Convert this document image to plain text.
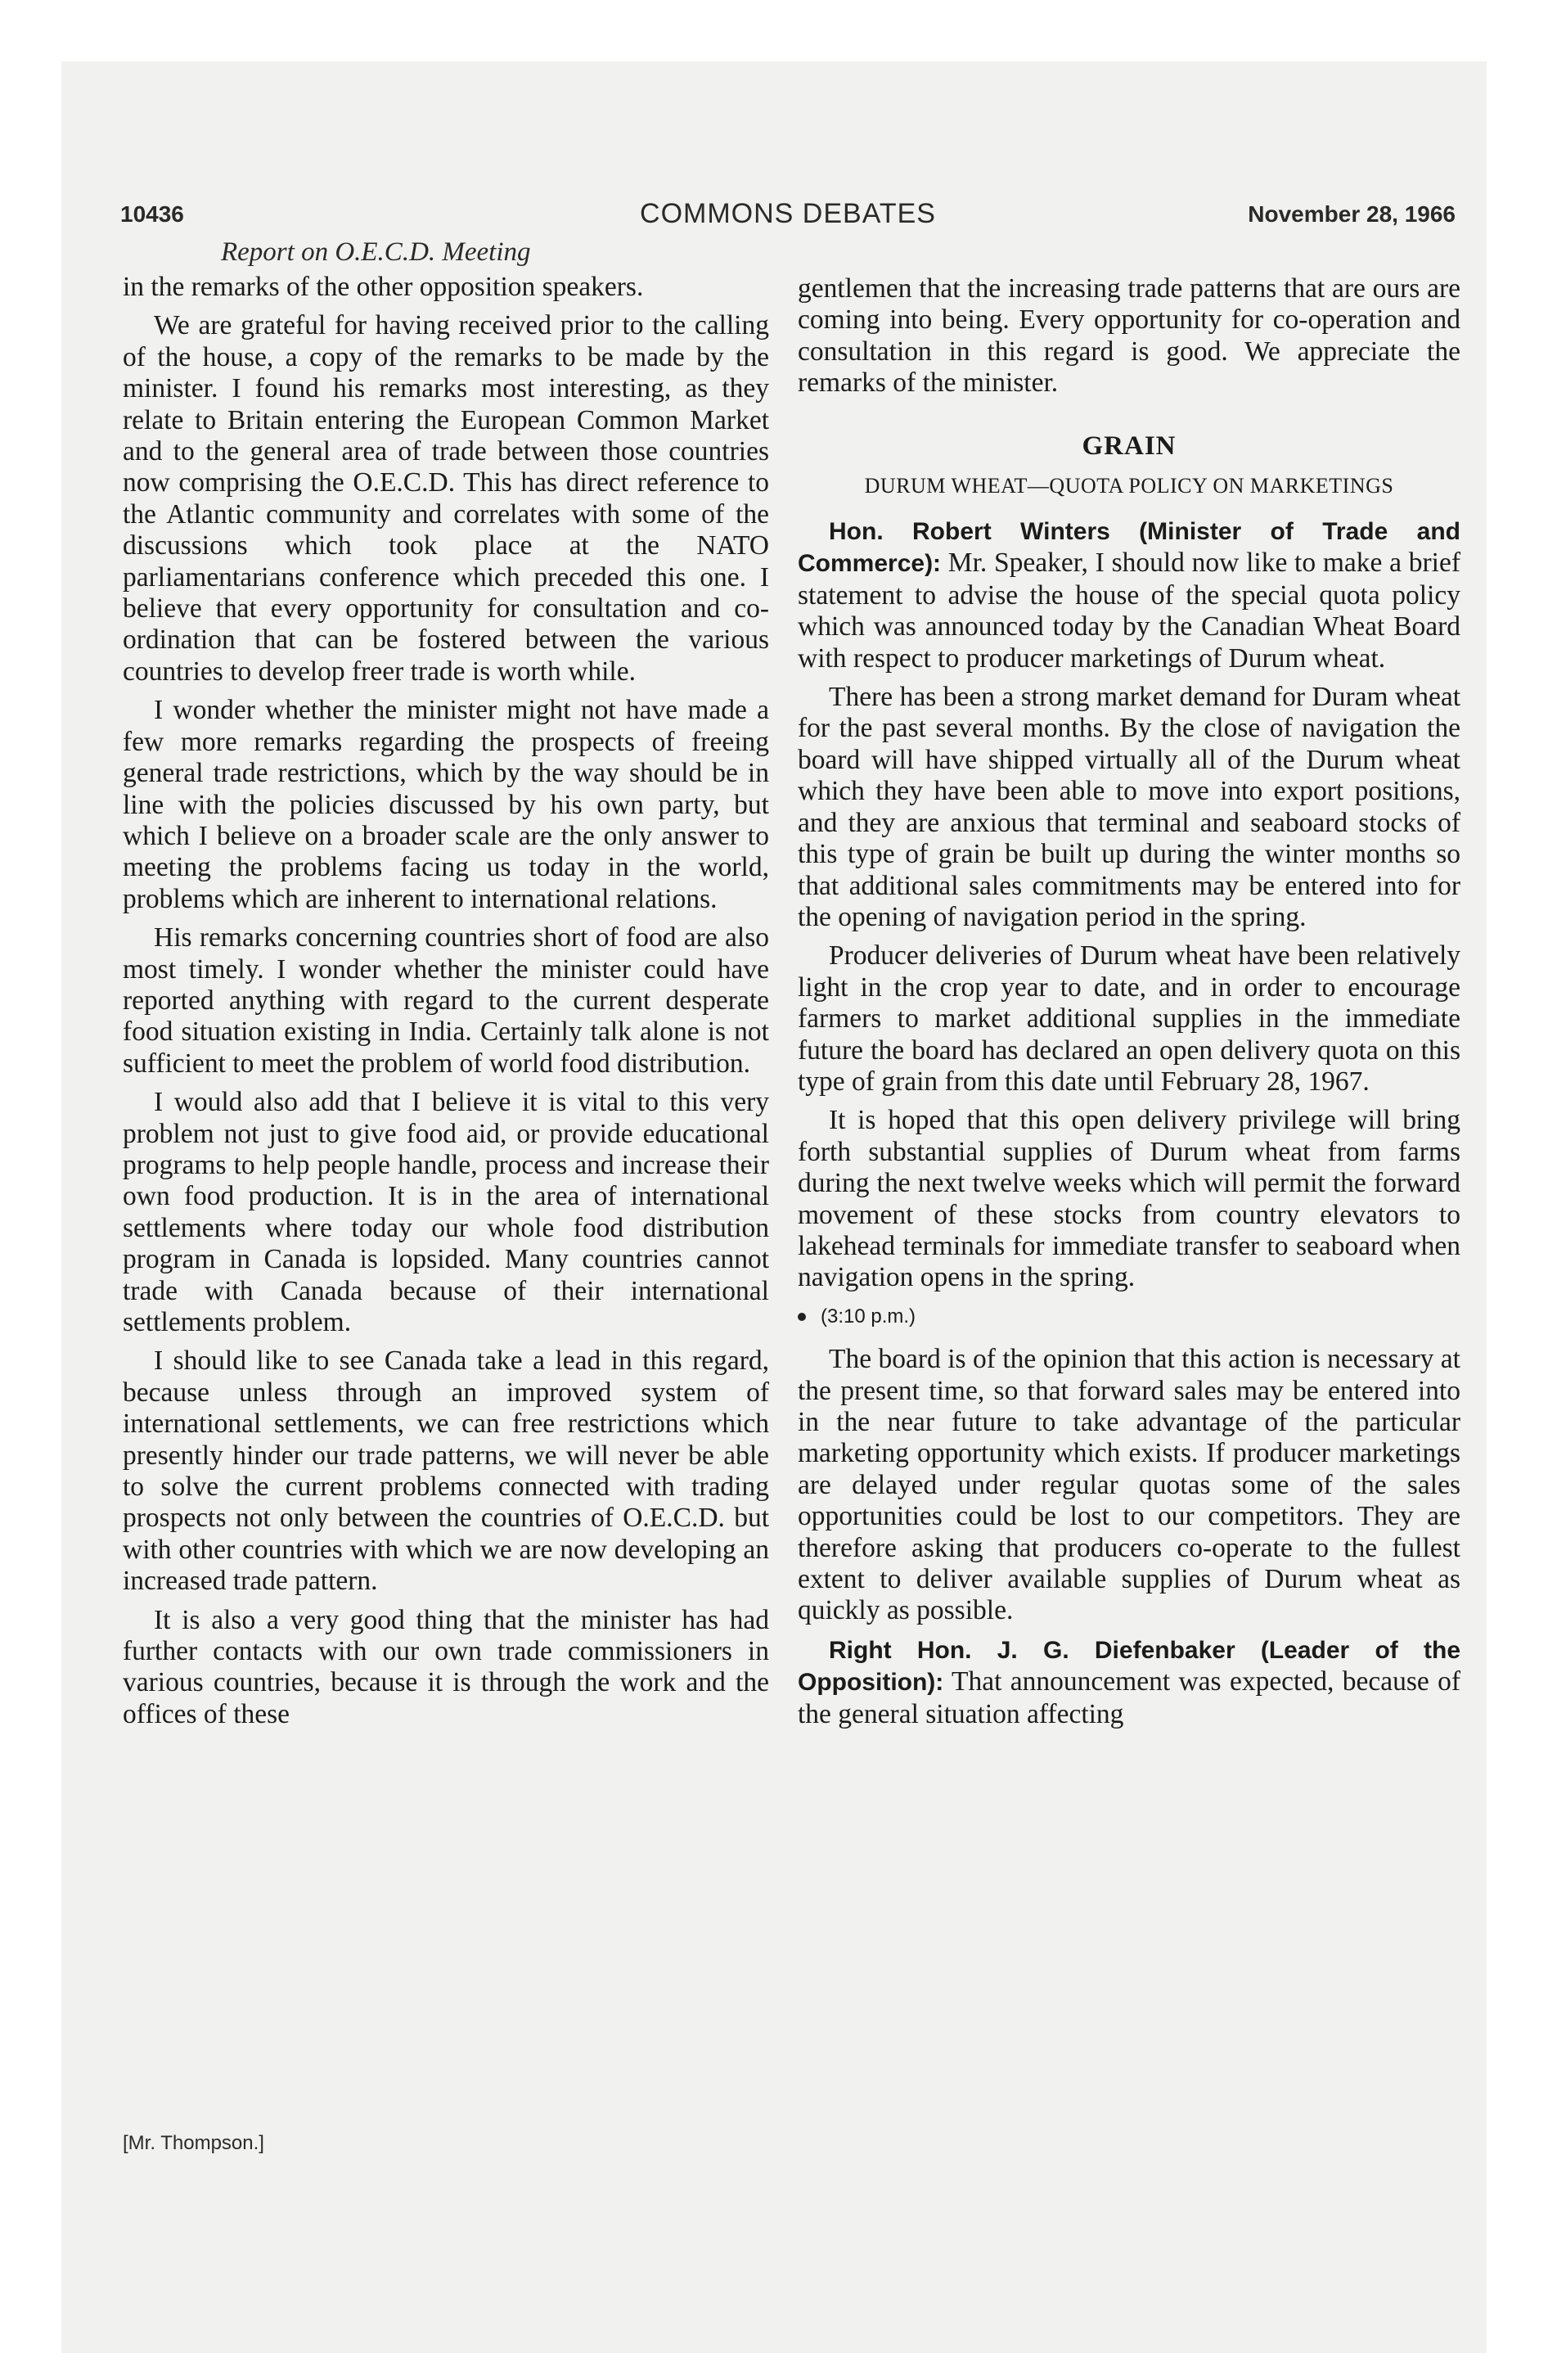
10436	COMMONS DEBATES	November 28, 1966
Report on O.E.C.D. Meeting

in the remarks of the other opposition speakers.

We are grateful for having received prior to the calling of the house, a copy of the remarks to be made by the minister. I found his remarks most interesting, as they relate to Britain entering the European Common Market and to the general area of trade between those countries now comprising the O.E.C.D. This has direct reference to the Atlantic community and correlates with some of the discussions which took place at the NATO parliamentarians conference which preceded this one. I believe that every opportunity for consultation and co-ordination that can be fostered between the various countries to develop freer trade is worth while.

I wonder whether the minister might not have made a few more remarks regarding the prospects of freeing general trade restrictions, which by the way should be in line with the policies discussed by his own party, but which I believe on a broader scale are the only answer to meeting the problems facing us today in the world, problems which are inherent to international relations.

His remarks concerning countries short of food are also most timely. I wonder whether the minister could have reported anything with regard to the current desperate food situation existing in India. Certainly talk alone is not sufficient to meet the problem of world food distribution.

I would also add that I believe it is vital to this very problem not just to give food aid, or provide educational programs to help people handle, process and increase their own food production. It is in the area of international settlements where today our whole food distribution program in Canada is lopsided. Many countries cannot trade with Canada because of their international settlements problem.

I should like to see Canada take a lead in this regard, because unless through an improved system of international settlements, we can free restrictions which presently hinder our trade patterns, we will never be able to solve the current problems connected with trading prospects not only between the countries of O.E.C.D. but with other countries with which we are now developing an increased trade pattern.

It is also a very good thing that the minister has had further contacts with our own trade commissioners in various countries, because it is through the work and the offices of these

gentlemen that the increasing trade patterns that are ours are coming into being. Every opportunity for co-operation and consultation in this regard is good. We appreciate the remarks of the minister.

GRAIN
DURUM WHEAT—QUOTA POLICY ON MARKETINGS

Hon. Robert Winters (Minister of Trade and Commerce): Mr. Speaker, I should now like to make a brief statement to advise the house of the special quota policy which was announced today by the Canadian Wheat Board with respect to producer marketings of Durum wheat.

There has been a strong market demand for Duram wheat for the past several months. By the close of navigation the board will have shipped virtually all of the Durum wheat which they have been able to move into export positions, and they are anxious that terminal and seaboard stocks of this type of grain be built up during the winter months so that additional sales commitments may be entered into for the opening of navigation period in the spring.

Producer deliveries of Durum wheat have been relatively light in the crop year to date, and in order to encourage farmers to market additional supplies in the immediate future the board has declared an open delivery quota on this type of grain from this date until February 28, 1967.

It is hoped that this open delivery privilege will bring forth substantial supplies of Durum wheat from farms during the next twelve weeks which will permit the forward movement of these stocks from country elevators to lakehead terminals for immediate transfer to seaboard when navigation opens in the spring.

(3:10 p.m.)

The board is of the opinion that this action is necessary at the present time, so that forward sales may be entered into in the near future to take advantage of the particular marketing opportunity which exists. If producer marketings are delayed under regular quotas some of the sales opportunities could be lost to our competitors. They are therefore asking that producers co-operate to the fullest extent to deliver available supplies of Durum wheat as quickly as possible.

Right Hon. J. G. Diefenbaker (Leader of the Opposition): That announcement was expected, because of the general situation affecting

[Mr. Thompson.]
